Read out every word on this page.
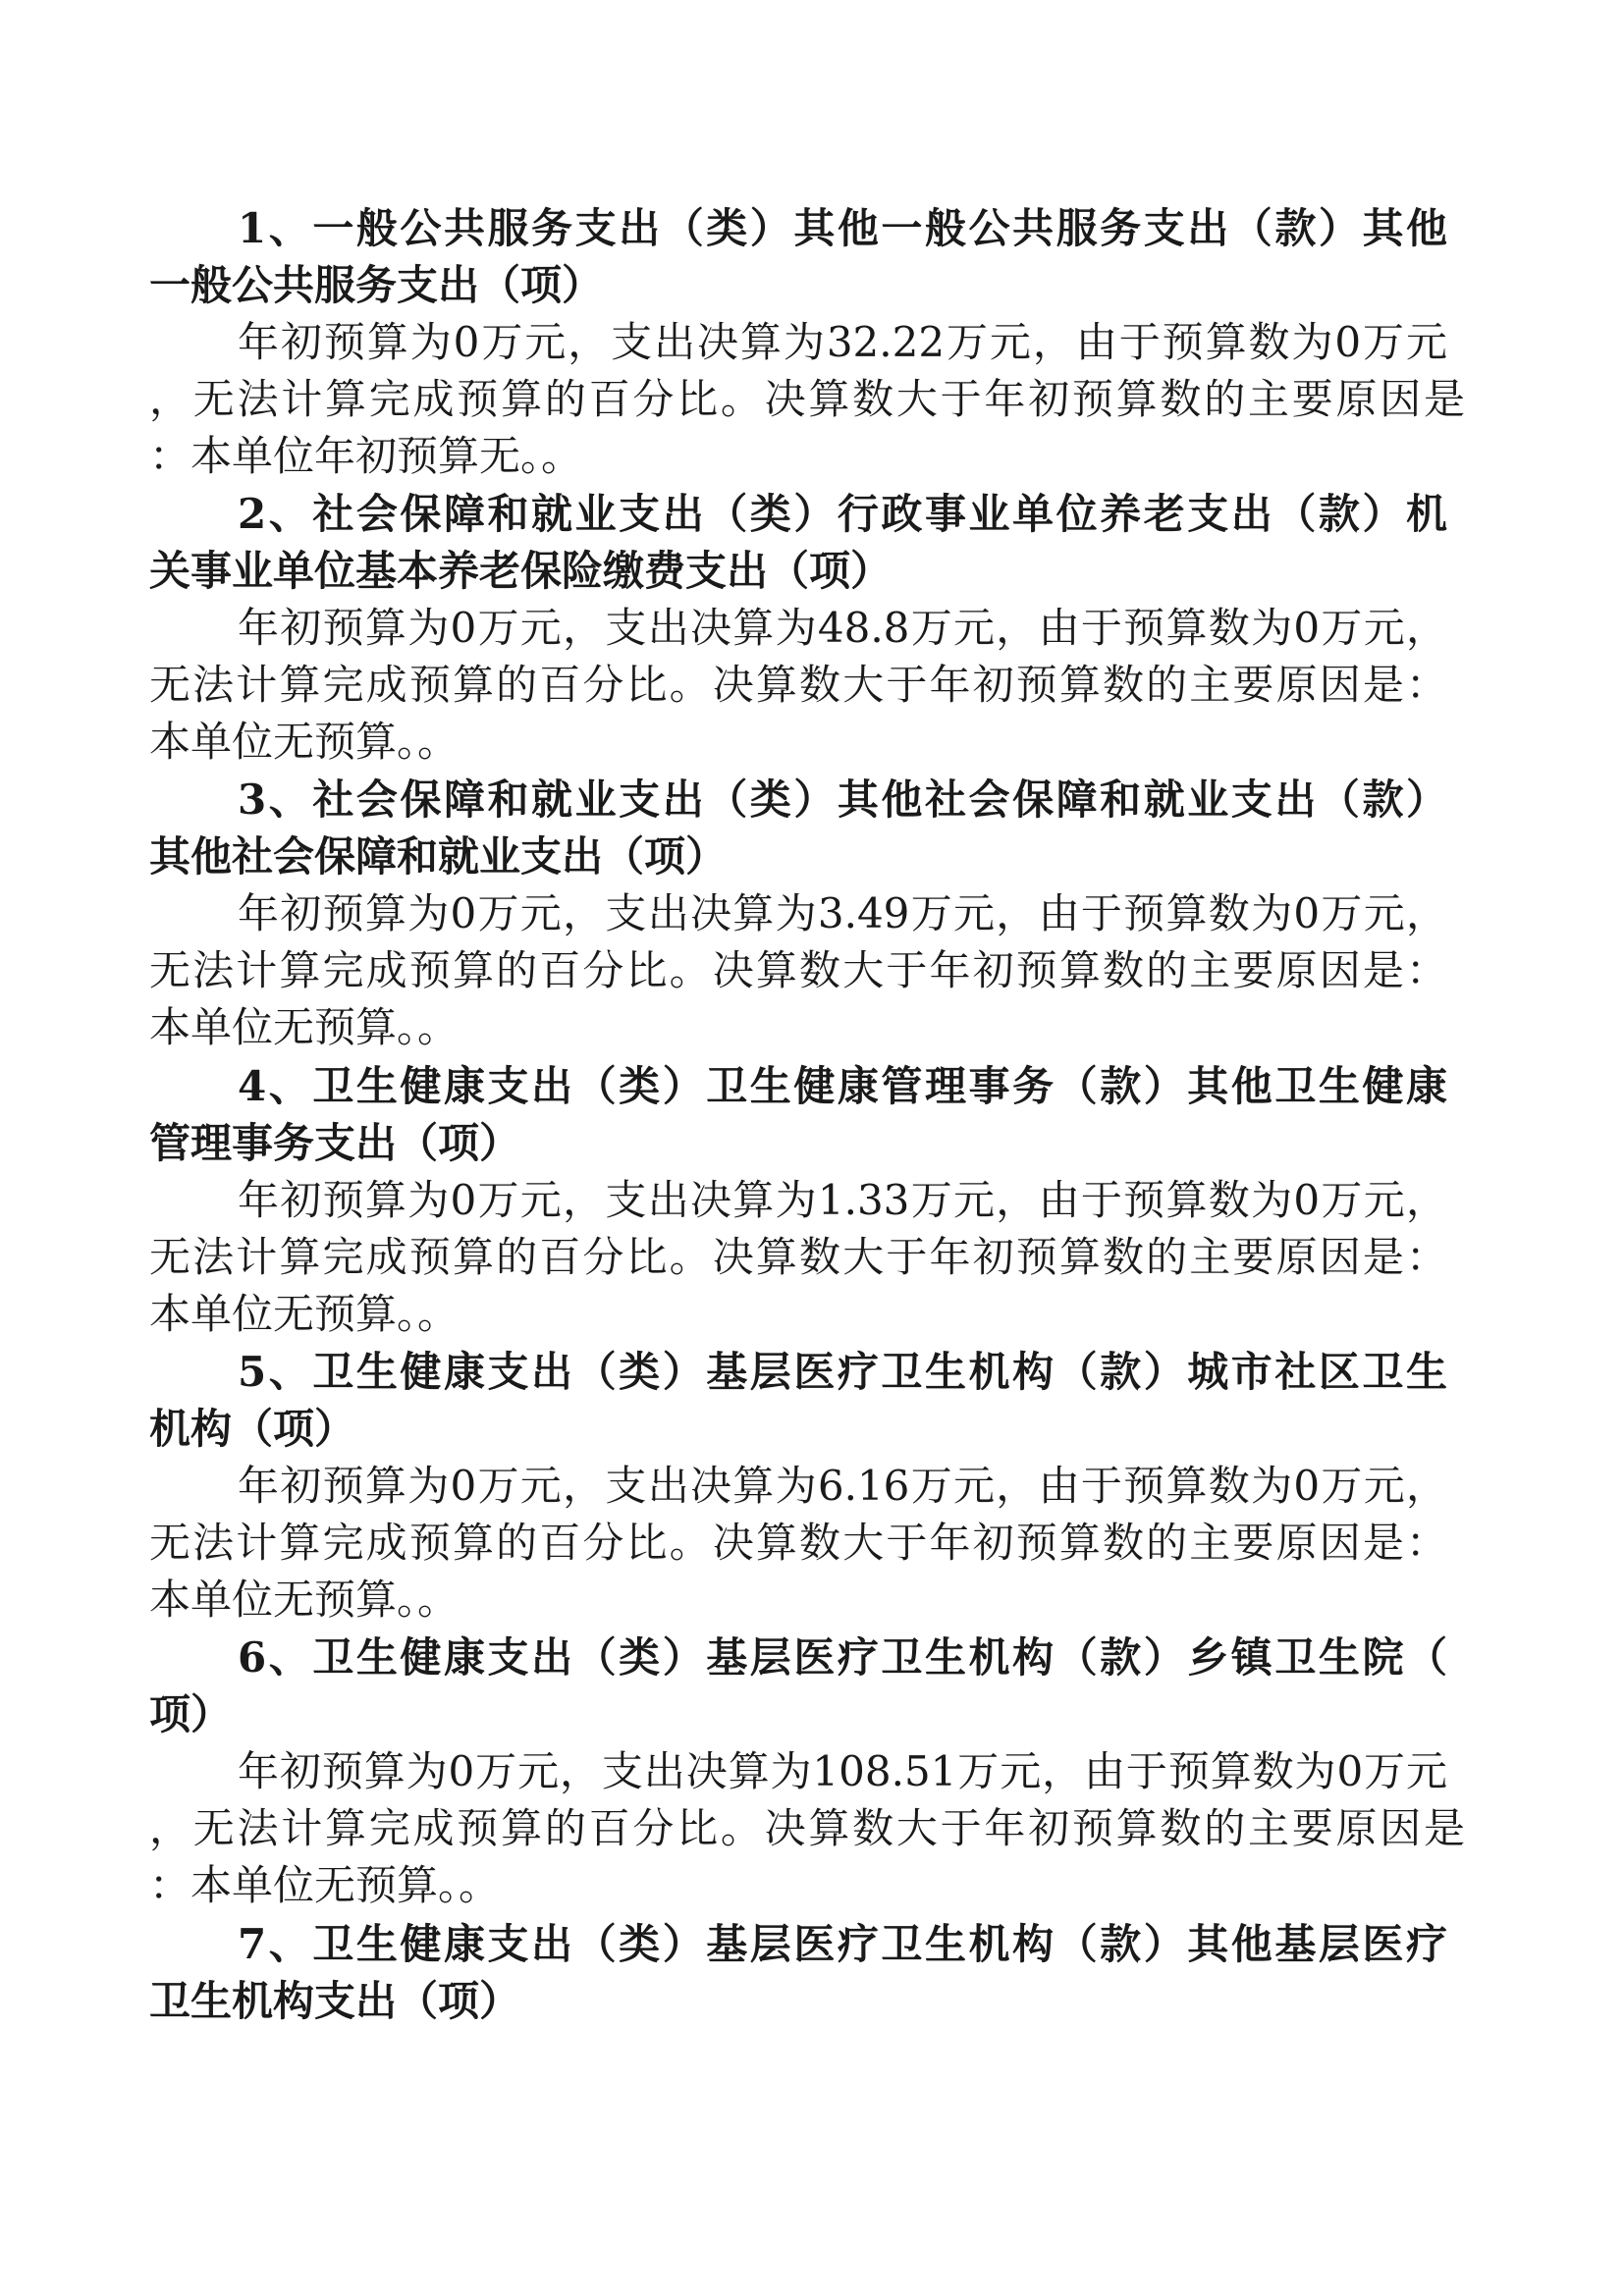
1、一般公共服务支出（类）其他一般公共服务支出（款）其他

一般公共服务支出（项）

年初预算为0万元，支出决算为32.22万元，由于预算数为0万元

，无法计算完成预算的百分比。决算数大于年初预算数的主要原因是

：本单位年初预算无。。

2、社会保障和就业支出（类）行政事业单位养老支出（款）机

关事业单位基本养老保险缴费支出（项）

年初预算为0万元，支出决算为48.8万元，由于预算数为0万元，

无法计算完成预算的百分比。决算数大于年初预算数的主要原因是：

本单位无预算。。

3、社会保障和就业支出（类）其他社会保障和就业支出（款）

其他社会保障和就业支出（项）

年初预算为0万元，支出决算为3.49万元，由于预算数为0万元，

无法计算完成预算的百分比。决算数大于年初预算数的主要原因是：

本单位无预算。。

4、卫生健康支出（类）卫生健康管理事务（款）其他卫生健康

管理事务支出（项）

年初预算为0万元，支出决算为1.33万元，由于预算数为0万元，

无法计算完成预算的百分比。决算数大于年初预算数的主要原因是：

本单位无预算。。

5、卫生健康支出（类）基层医疗卫生机构（款）城市社区卫生

机构（项）

年初预算为0万元，支出决算为6.16万元，由于预算数为0万元，

无法计算完成预算的百分比。决算数大于年初预算数的主要原因是：

本单位无预算。。

6、卫生健康支出（类）基层医疗卫生机构（款）乡镇卫生院（

项）

年初预算为0万元，支出决算为108.51万元，由于预算数为0万元

，无法计算完成预算的百分比。决算数大于年初预算数的主要原因是

：本单位无预算。。

7、卫生健康支出（类）基层医疗卫生机构（款）其他基层医疗

卫生机构支出（项）
